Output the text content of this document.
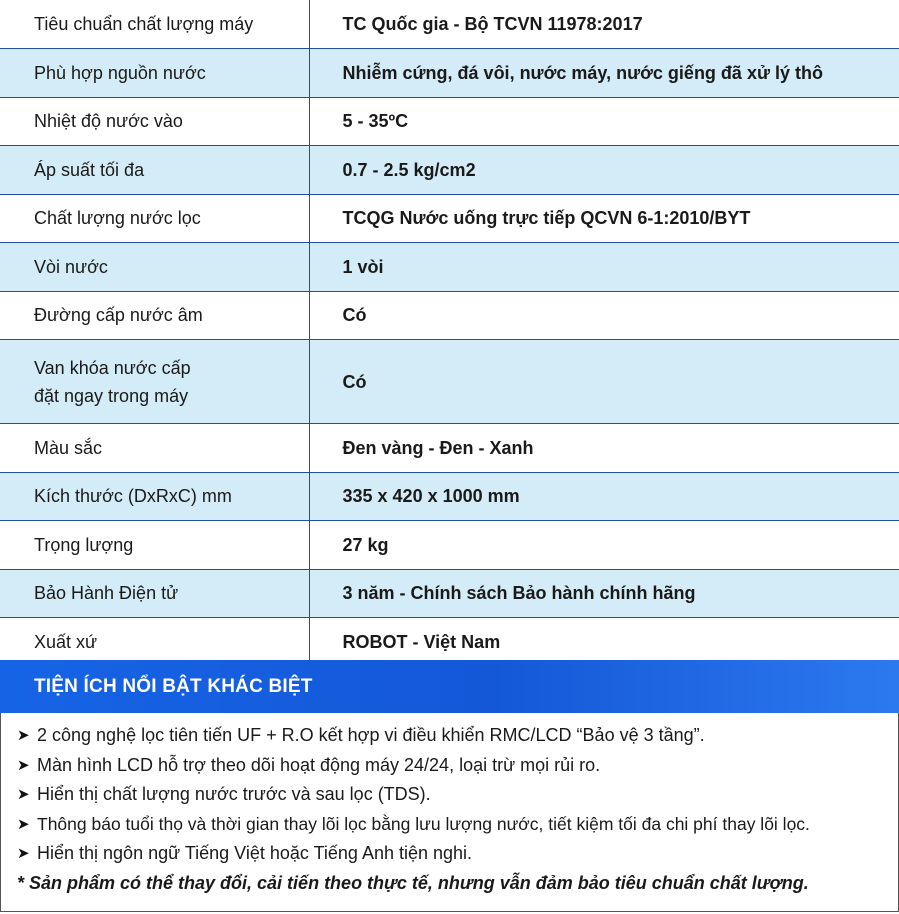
Tiêu chuẩn chất lượng máy	TC Quốc gia - Bộ TCVN 11978:2017
Phù hợp nguồn nước	Nhiễm cứng, đá vôi, nước máy, nước giếng đã xử lý thô
Nhiệt độ nước vào	5 - 35ºC
Áp suất tối đa	0.7 - 2.5 kg/cm2
Chất lượng nước lọc	TCQG Nước uống trực tiếp QCVN 6-1:2010/BYT
Vòi nước	1 vòi
Đường cấp nước âm	Có
Van khóa nước cấp đặt ngay trong máy	Có
Màu sắc	Đen vàng - Đen - Xanh
Kích thước (DxRxC) mm	335 x 420 x 1000 mm
Trọng lượng	27 kg
Bảo Hành Điện tử	3 năm - Chính sách Bảo hành chính hãng
Xuất xứ	ROBOT - Việt Nam
TIỆN ÍCH NỔI BẬT KHÁC BIỆT
➤ 2 công nghệ lọc tiên tiến UF + R.O kết hợp vi điều khiển RMC/LCD “Bảo vệ 3 tầng”.
➤ Màn hình LCD hỗ trợ theo dõi hoạt động máy 24/24, loại trừ mọi rủi ro.
➤ Hiển thị chất lượng nước trước và sau lọc (TDS).
➤ Thông báo tuổi thọ và thời gian thay lõi lọc bằng lưu lượng nước, tiết kiệm tối đa chi phí thay lõi lọc.
➤ Hiển thị ngôn ngữ Tiếng Việt hoặc Tiếng Anh tiện nghi.
* Sản phẩm có thể thay đổi, cải tiến theo thực tế, nhưng vẫn đảm bảo tiêu chuẩn chất lượng.
